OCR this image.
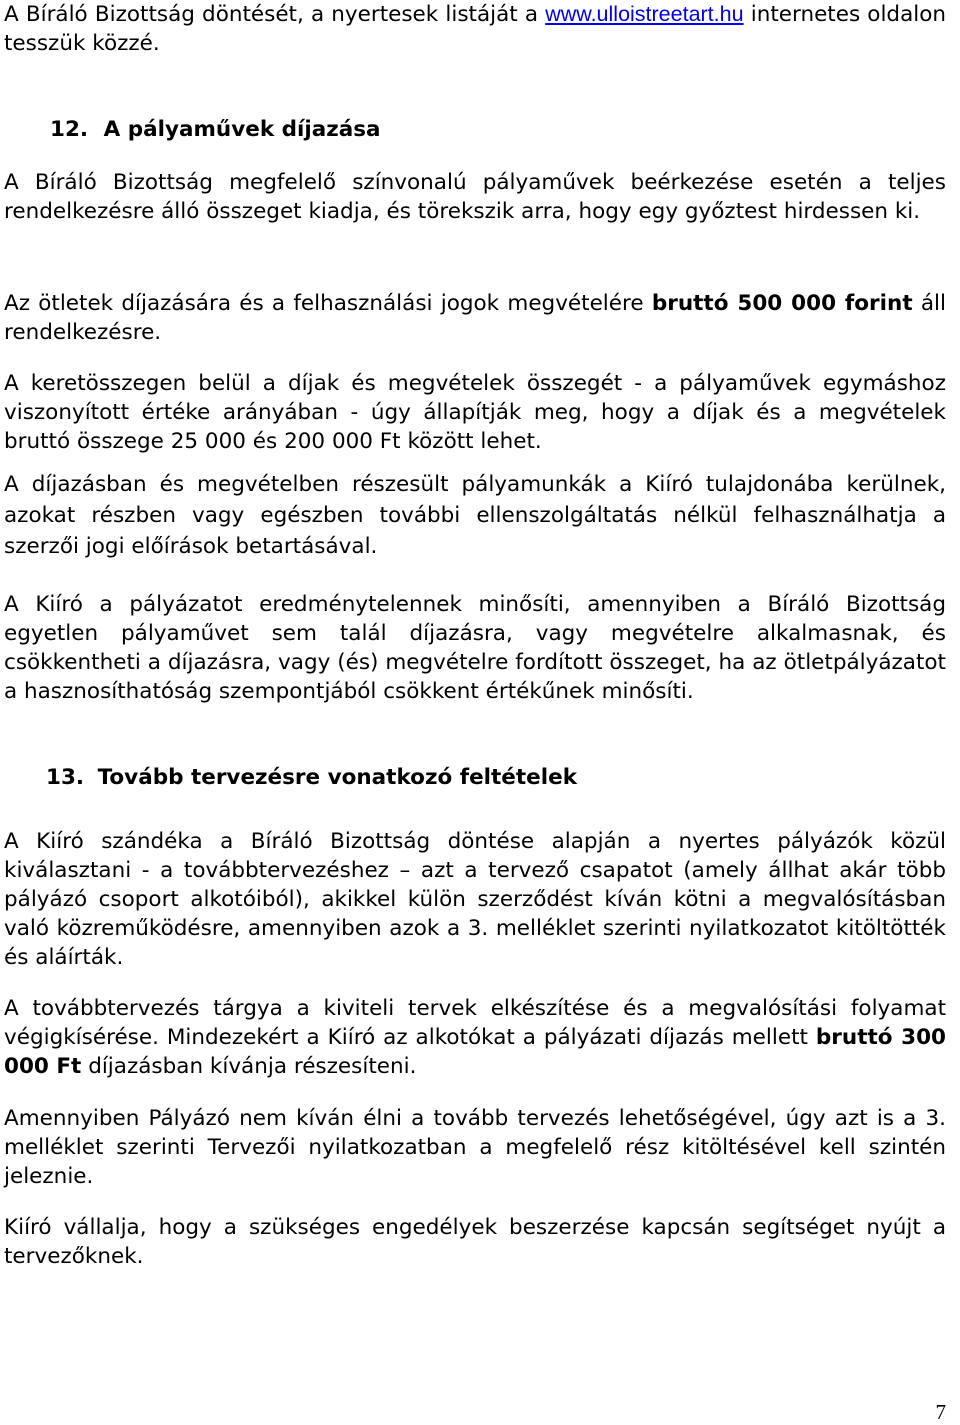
A Bíráló Bizottság döntését, a nyertesek listáját a www.ulloistreetart.hu internetes oldalon tesszük közzé.

12. A pályaművek díjazása

A Bíráló Bizottság megfelelő színvonalú pályaművek beérkezése esetén a teljes rendelkezésre álló összeget kiadja, és törekszik arra, hogy egy győztest hirdessen ki.

Az ötletek díjazására és a felhasználási jogok megvételére bruttó 500 000 forint áll rendelkezésre.

A keretösszegen belül a díjak és megvételek összegét - a pályaművek egymáshoz viszonyított értéke arányában - úgy állapítják meg, hogy a díjak és a megvételek bruttó összege 25 000 és 200 000 Ft között lehet.

A díjazásban és megvételben részesült pályamunkák a Kiíró tulajdonába kerülnek, azokat részben vagy egészben további ellenszolgáltatás nélkül felhasználhatja a szerzői jogi előírások betartásával.

A Kiíró a pályázatot eredménytelennek minősíti, amennyiben a Bíráló Bizottság egyetlen pályaművet sem talál díjazásra, vagy megvételre alkalmasnak, és csökkentheti a díjazásra, vagy (és) megvételre fordított összeget, ha az ötletpályázatot a hasznosíthatóság szempontjából csökkent értékűnek minősíti.

13. Tovább tervezésre vonatkozó feltételek

A Kiíró szándéka a Bíráló Bizottság döntése alapján a nyertes pályázók közül kiválasztani - a továbbtervezéshez – azt a tervező csapatot (amely állhat akár több pályázó csoport alkotóiból), akikkel külön szerződést kíván kötni a megvalósításban való közreműködésre, amennyiben azok a 3. melléklet szerinti nyilatkozatot kitöltötték és aláírták.

A továbbtervezés tárgya a kiviteli tervek elkészítése és a megvalósítási folyamat végigkísérése. Mindezekért a Kiíró az alkotókat a pályázati díjazás mellett bruttó 300 000 Ft díjazásban kívánja részesíteni.

Amennyiben Pályázó nem kíván élni a tovább tervezés lehetőségével, úgy azt is a 3. melléklet szerinti Tervezői nyilatkozatban a megfelelő rész kitöltésével kell szintén jeleznie.

Kiíró vállalja, hogy a szükséges engedélyek beszerzése kapcsán segítséget nyújt a tervezőknek.

7
